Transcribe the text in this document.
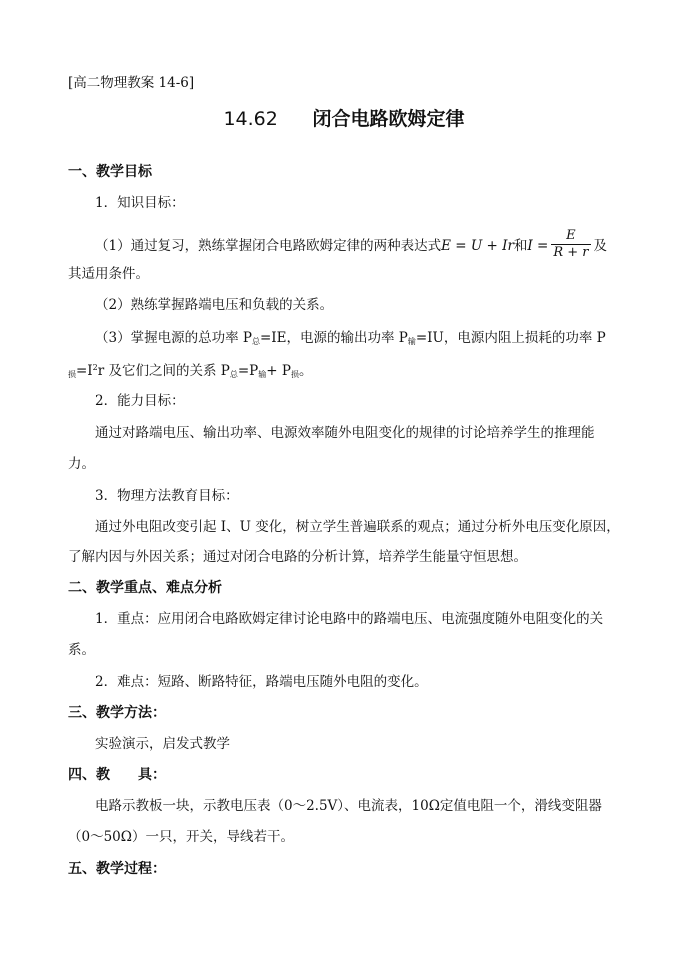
[高二物理教案 14-6]
14.62 闭合电路欧姆定律
一、教学目标
1．知识目标：
（1）通过复习，熟练掌握闭合电路欧姆定律的两种表达式E = U + Ir和$I = \frac{E}{R + r}$ 及
其适用条件。
（2）熟练掌握路端电压和负载的关系。
（3）掌握电源的总功率 $P_总=IE$，电源的输出功率 $P_输=IU$，电源内阻上损耗的功率 P
$_损=I^2r$ 及它们之间的关系 $P_总=P_输+ P_损$。
2．能力目标：
通过对路端电压、输出功率、电源效率随外电阻变化的规律的讨论培养学生的推理能
力。
3．物理方法教育目标：
通过外电阻改变引起 I、U 变化，树立学生普遍联系的观点；通过分析外电压变化原因，
了解内因与外因关系；通过对闭合电路的分析计算，培养学生能量守恒思想。
二、教学重点、难点分析
1．重点：应用闭合电路欧姆定律讨论电路中的路端电压、电流强度随外电阻变化的关
系。
2．难点：短路、断路特征，路端电压随外电阻的变化。
三、教学方法：
实验演示，启发式教学
四、教　　具：
电路示教板一块，示教电压表（0～2.5V）、电流表，10Ω定值电阻一个，滑线变阻器
（0～50Ω）一只，开关，导线若干。
五、教学过程：
